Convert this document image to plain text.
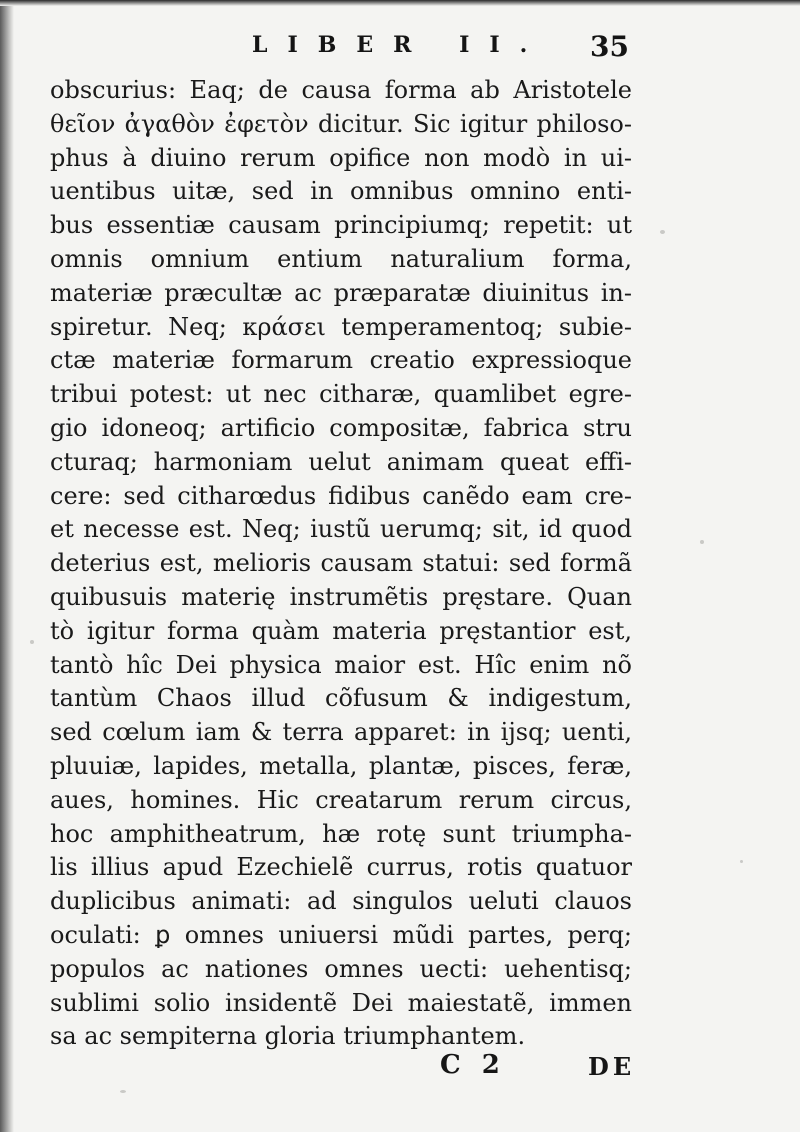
LIBER II. 35
obscurius: Eaq; de causa forma ab Aristotele
θεῖον ἀγαθὸν ἐφετὸν dicitur. Sic igitur philoso-
phus à diuino rerum opifice non modò in ui-
uentibus uitæ, sed in omnibus omnino enti-
bus essentiæ causam principiumq; repetit: ut
omnis omnium entium naturalium forma,
materiæ præcultæ ac præparatæ diuinitus in-
spiretur. Neq; κράσει temperamentoq; subie-
ctæ materiæ formarum creatio expressioque
tribui potest: ut nec citharæ, quamlibet egre-
gio idoneoq; artificio compositæ, fabrica stru
cturaq; harmoniam uelut animam queat effi-
cere: sed citharœdus fidibus canẽdo eam cre-
et necesse est. Neq; iustũ uerumq; sit, id quod
deterius est, melioris causam statui: sed formã
quibusuis materię instrumẽtis pręstare. Quan
tò igitur forma quàm materia pręstantior est,
tantò hîc Dei physica maior est. Hîc enim nõ
tantùm Chaos illud cõfusum & indigestum,
sed cœlum iam & terra apparet: in ijsq; uenti,
pluuiæ, lapides, metalla, plantæ, pisces, feræ,
aues, homines. Hic creatarum rerum circus,
hoc amphitheatrum, hæ rotę sunt triumpha-
lis illius apud Ezechielẽ currus, rotis quatuor
duplicibus animati: ad singulos ueluti clauos
oculati: ꝑ omnes uniuersi mũdi partes, perq;
populos ac nationes omnes uecti: uehentisq;
sublimi solio insidentẽ Dei maiestatẽ, immen
sa ac sempiterna gloria triumphantem.
C 2	DE
